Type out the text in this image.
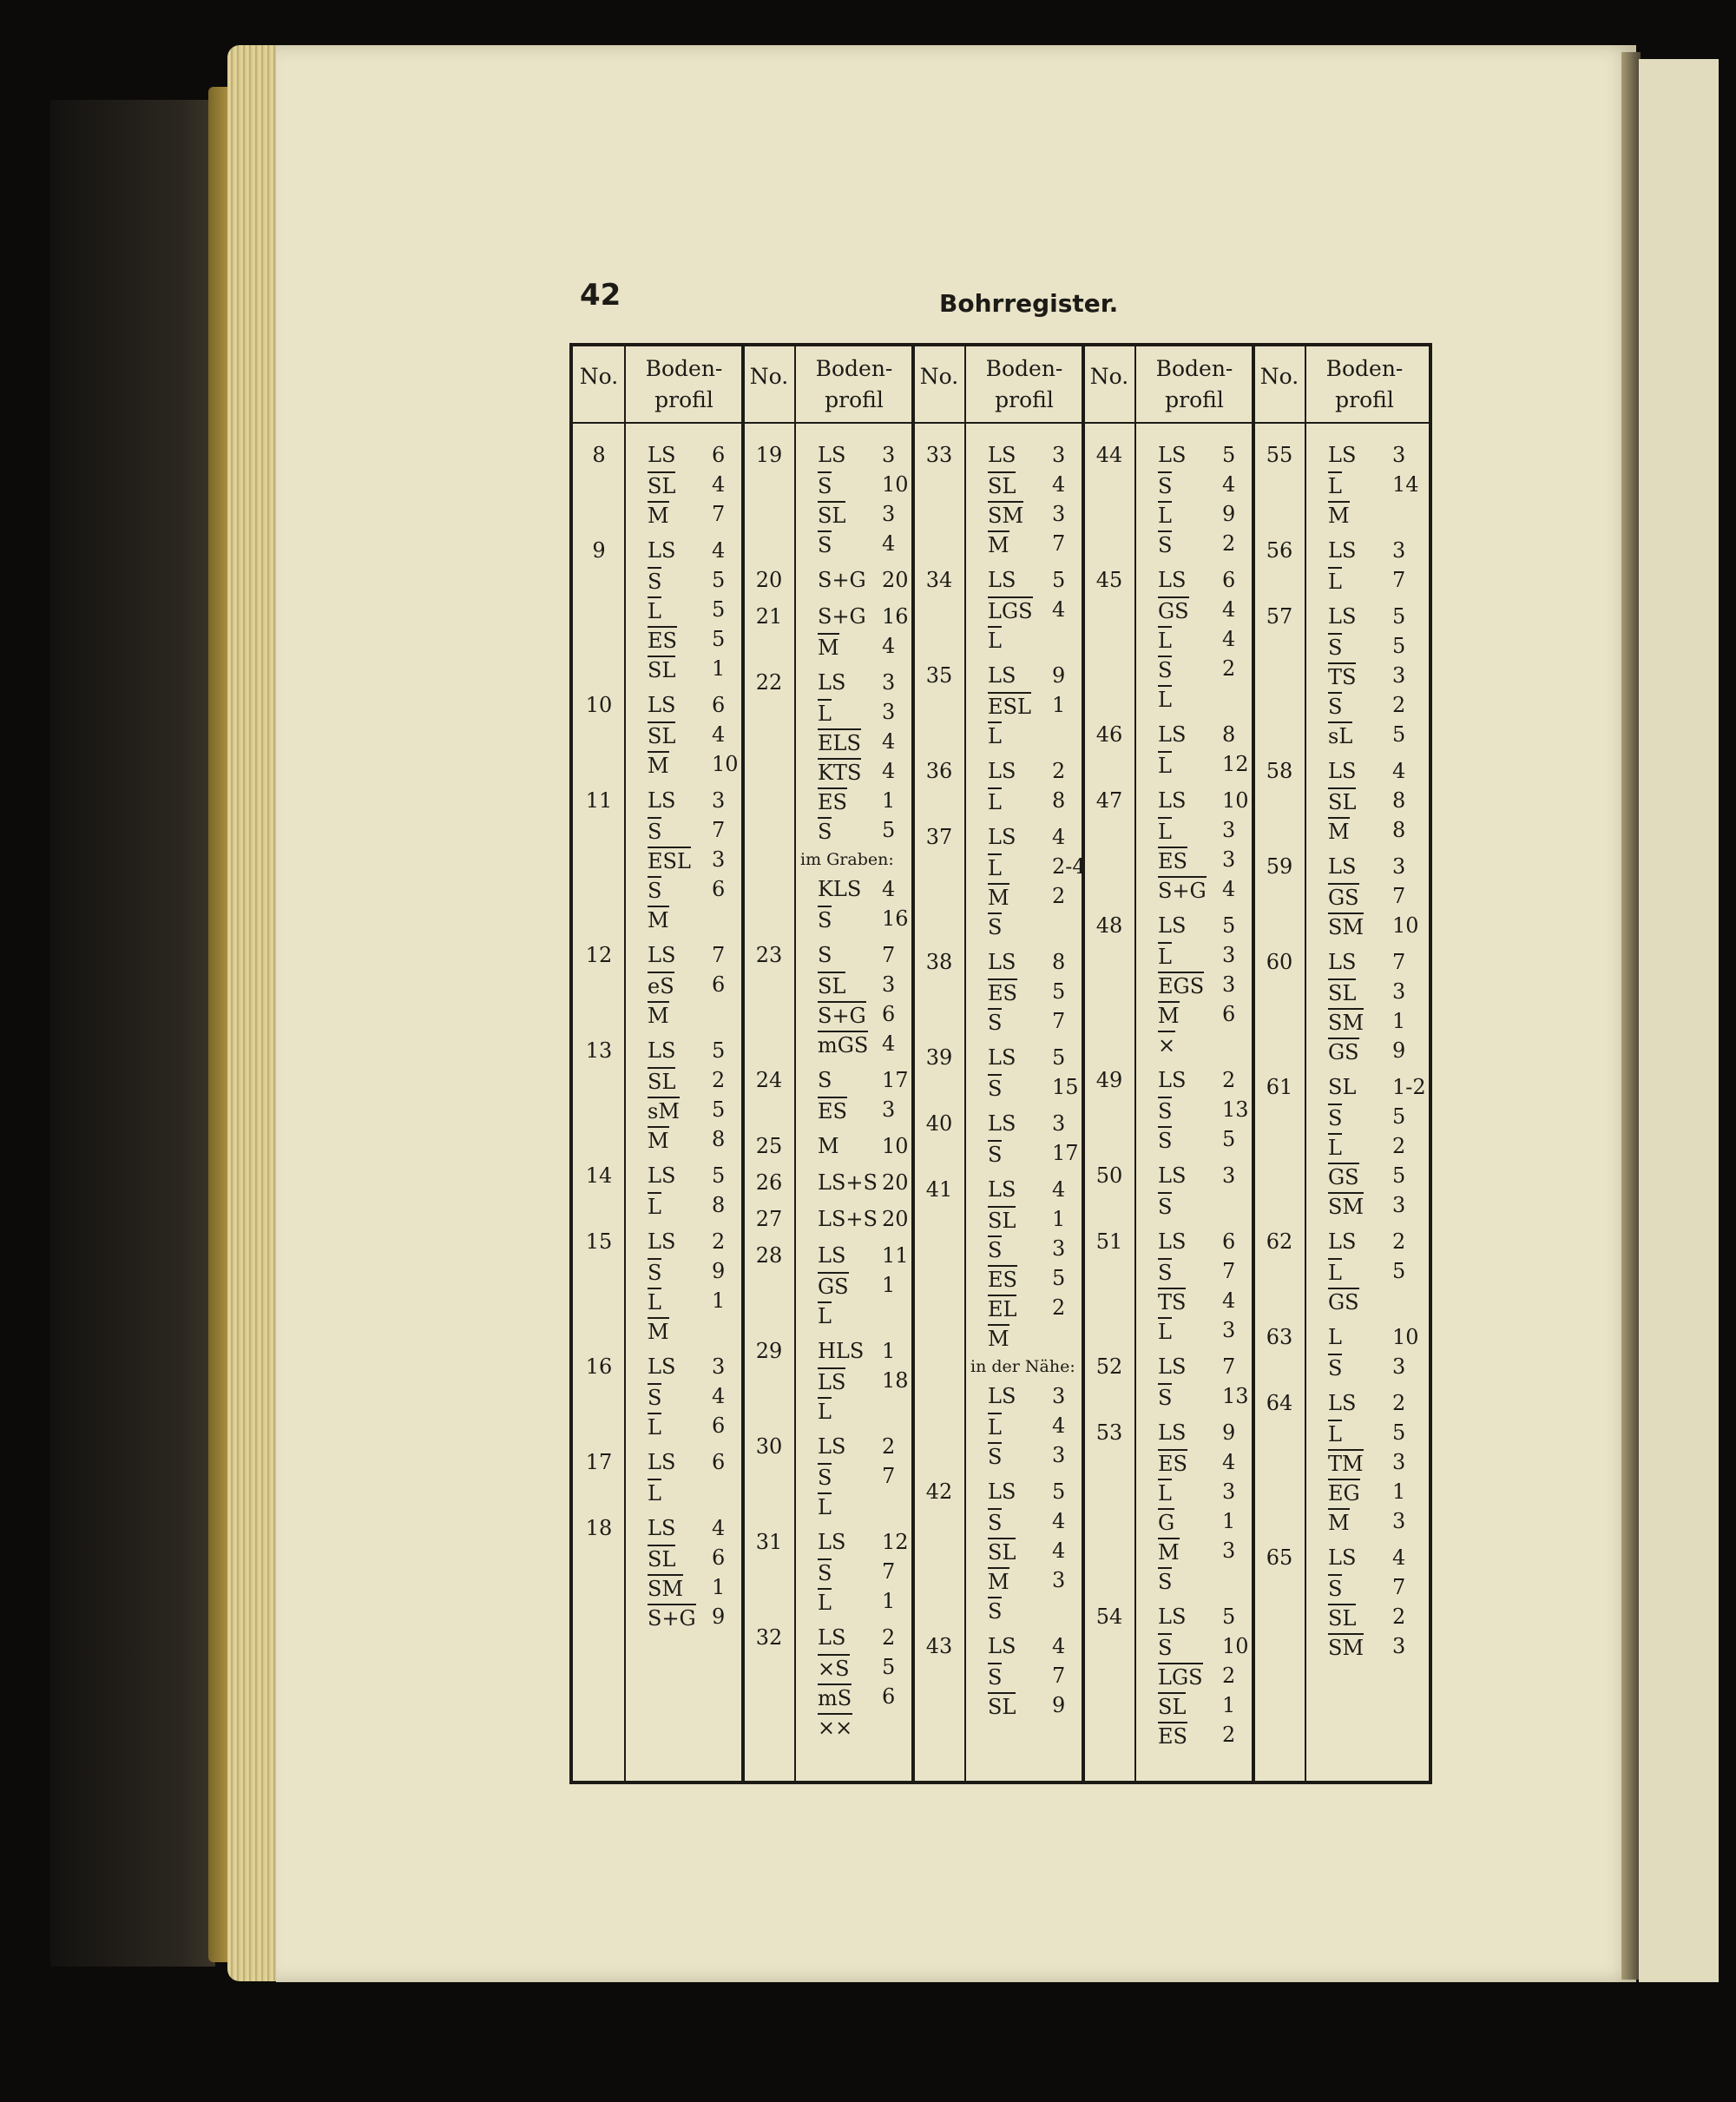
42	Bohrregister.
No.	Boden-
profil
8	LS 6
SL 4
M 7
9	LS 4
S 5
L 5
ES 5
SL 1
10	LS 6
SL 4
M 10
11	LS 3
S 7
ESL 3
S 6
M
12	LS 7
eS 6
M
13	LS 5
SL 2
sM 5
M 8
14	LS 5
L 8
15	LS 2
S 9
L 1
M
16	LS 3
S 4
L 6
17	LS 6
L
18	LS 4
SL 6
SM 1
S+G 9
No.	Boden-
profil
19	LS 3
S 10
SL 3
S 4
20	S+G 20
21	S+G 16
M 4
22	LS 3
L 3
ELS 4
KTS 4
ES 1
S 5
im Graben:
KLS 4
S 16
23	S 7
SL 3
S+G 6
mGS 4
24	S 17
ES 3
25	M 10
26	LS+S 20
27	LS+S 20
28	LS 11
GS 1
L
29	HLS 1
LS 18
L
30	LS 2
S 7
L
31	LS 12
S 7
L 1
32	LS 2
×S 5
mS 6
××
No.	Boden-
profil
33	LS 3
SL 4
SM 3
M 7
34	LS 5
LGS 4
L
35	LS 9
ESL 1
L
36	LS 2
L 8
37	LS 4
L 2-4
M 2
S
38	LS 8
ES 5
S 7
39	LS 5
S 15
40	LS 3
S 17
41	LS 4
SL 1
S 3
ES 5
EL 2
M
in der Nähe:
LS 3
L 4
S 3
42	LS 5
S 4
SL 4
M 3
S
43	LS 4
S 7
SL 9
No.	Boden-
profil
44	LS 5
S 4
L 9
S 2
45	LS 6
GS 4
L 4
S 2
L
46	LS 8
L 12
47	LS 10
L 3
ES 3
S+G 4
48	LS 5
L 3
EGS 3
M 6
×
49	LS 2
S 13
S 5
50	LS 3
S
51	LS 6
S 7
TS 4
L 3
52	LS 7
S 13
53	LS 9
ES 4
L 3
G 1
M 3
S
54	LS 5
S 10
LGS 2
SL 1
ES 2
No.	Boden-
profil
55	LS 3
L 14
M
56	LS 3
L 7
57	LS 5
S 5
TS 3
S 2
sL 5
58	LS 4
SL 8
M 8
59	LS 3
GS 7
SM 10
60	LS 7
SL 3
SM 1
GS 9
61	SL 1-2
S 5
L 2
GS 5
SM 3
62	LS 2
L 5
GS
63	L 10
S 3
64	LS 2
L 5
TM 3
EG 1
M 3
65	LS 4
S 7
SL 2
SM 3
